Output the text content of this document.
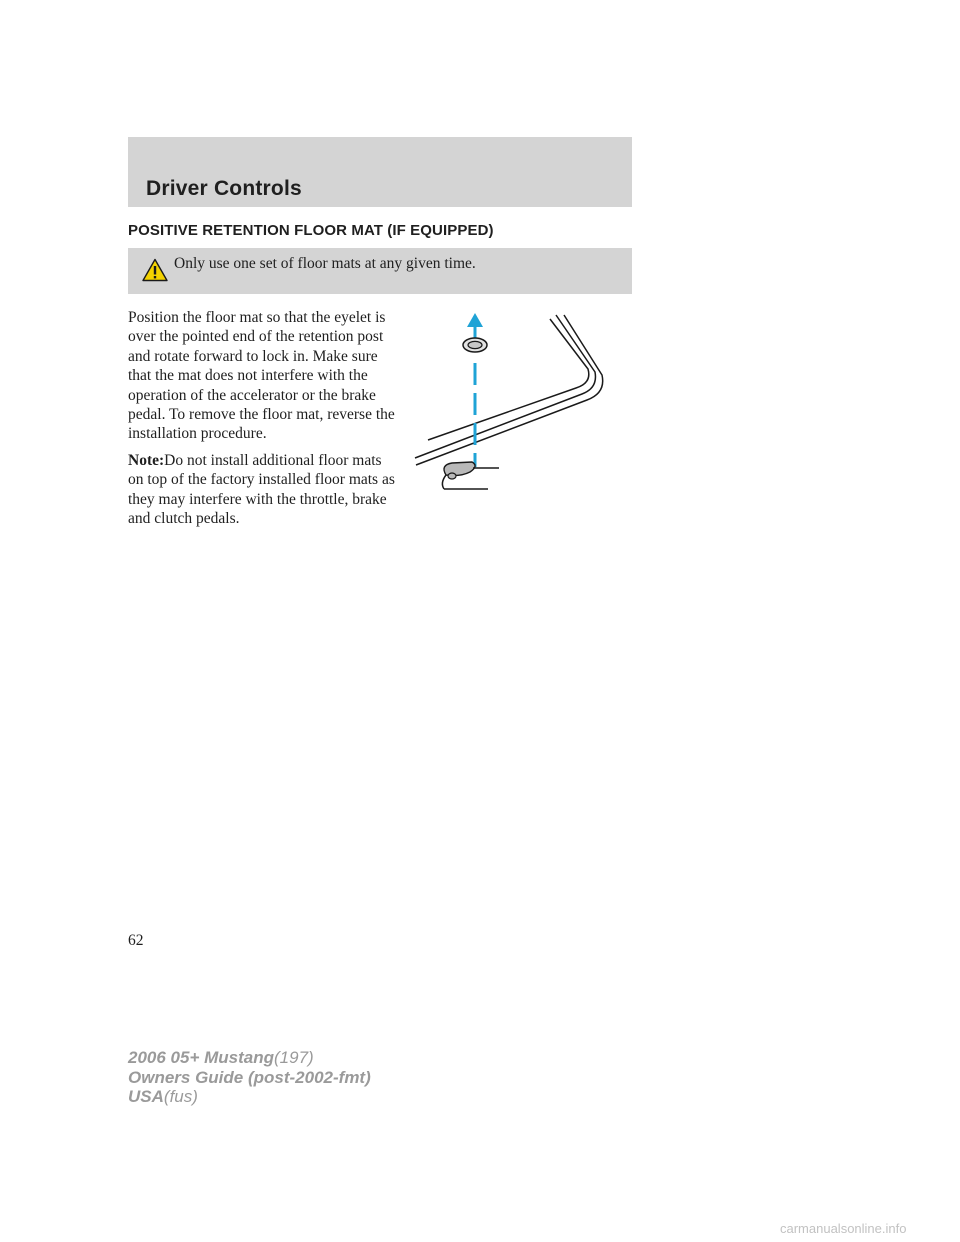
Driver Controls
POSITIVE RETENTION FLOOR MAT (IF EQUIPPED)
Only use one set of floor mats at any given time.

Position the floor mat so that the eyelet is over the pointed end of the retention post and rotate forward to lock in. Make sure that the mat does not interfere with the operation of the accelerator or the brake pedal. To remove the floor mat, reverse the installation procedure.

Note:Do not install additional floor mats on top of the factory installed floor mats as they may interfere with the throttle, brake and clutch pedals.

62
2006 05+ Mustang(197)
Owners Guide (post-2002-fmt)
USA(fus)
carmanualsonline.info
